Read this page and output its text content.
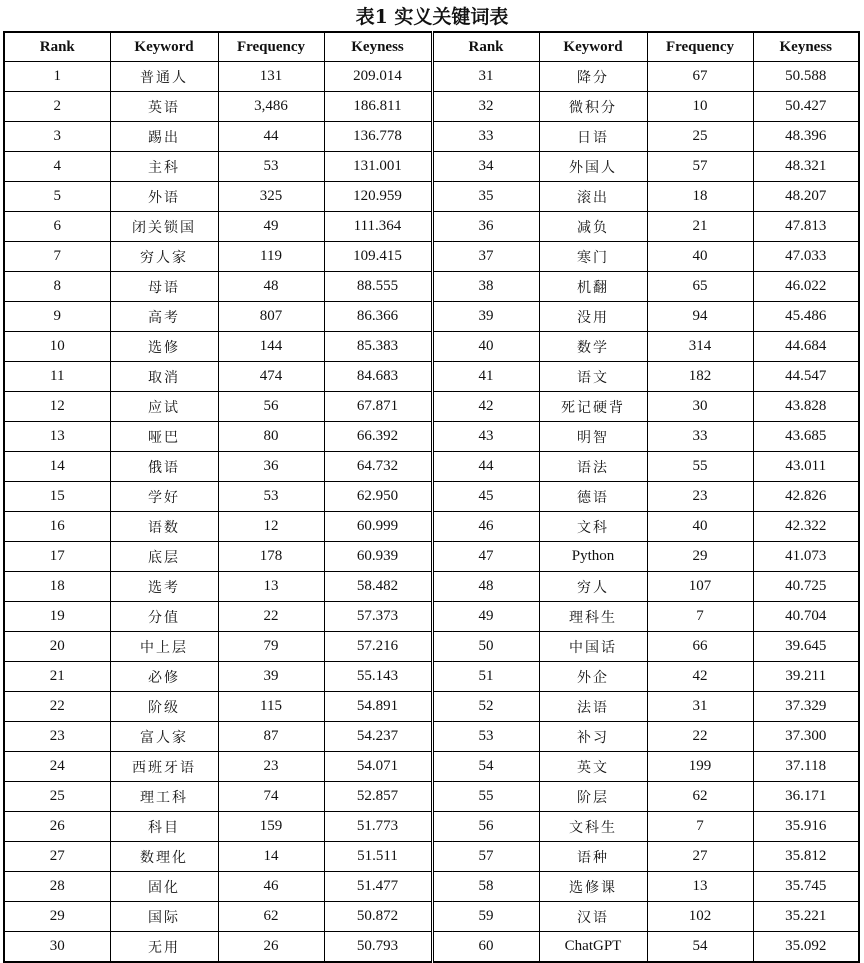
表1 实义关键词表
Rank	Keyword	Frequency	Keyness	Rank	Keyword	Frequency	Keyness
1	普通人	131	209.014	31	降分	67	50.588
2	英语	3,486	186.811	32	微积分	10	50.427
3	踢出	44	136.778	33	日语	25	48.396
4	主科	53	131.001	34	外国人	57	48.321
5	外语	325	120.959	35	滚出	18	48.207
6	闭关锁国	49	111.364	36	减负	21	47.813
7	穷人家	119	109.415	37	寒门	40	47.033
8	母语	48	88.555	38	机翻	65	46.022
9	高考	807	86.366	39	没用	94	45.486
10	选修	144	85.383	40	数学	314	44.684
11	取消	474	84.683	41	语文	182	44.547
12	应试	56	67.871	42	死记硬背	30	43.828
13	哑巴	80	66.392	43	明智	33	43.685
14	俄语	36	64.732	44	语法	55	43.011
15	学好	53	62.950	45	德语	23	42.826
16	语数	12	60.999	46	文科	40	42.322
17	底层	178	60.939	47	Python	29	41.073
18	选考	13	58.482	48	穷人	107	40.725
19	分值	22	57.373	49	理科生	7	40.704
20	中上层	79	57.216	50	中国话	66	39.645
21	必修	39	55.143	51	外企	42	39.211
22	阶级	115	54.891	52	法语	31	37.329
23	富人家	87	54.237	53	补习	22	37.300
24	西班牙语	23	54.071	54	英文	199	37.118
25	理工科	74	52.857	55	阶层	62	36.171
26	科目	159	51.773	56	文科生	7	35.916
27	数理化	14	51.511	57	语种	27	35.812
28	固化	46	51.477	58	选修课	13	35.745
29	国际	62	50.872	59	汉语	102	35.221
30	无用	26	50.793	60	ChatGPT	54	35.092
